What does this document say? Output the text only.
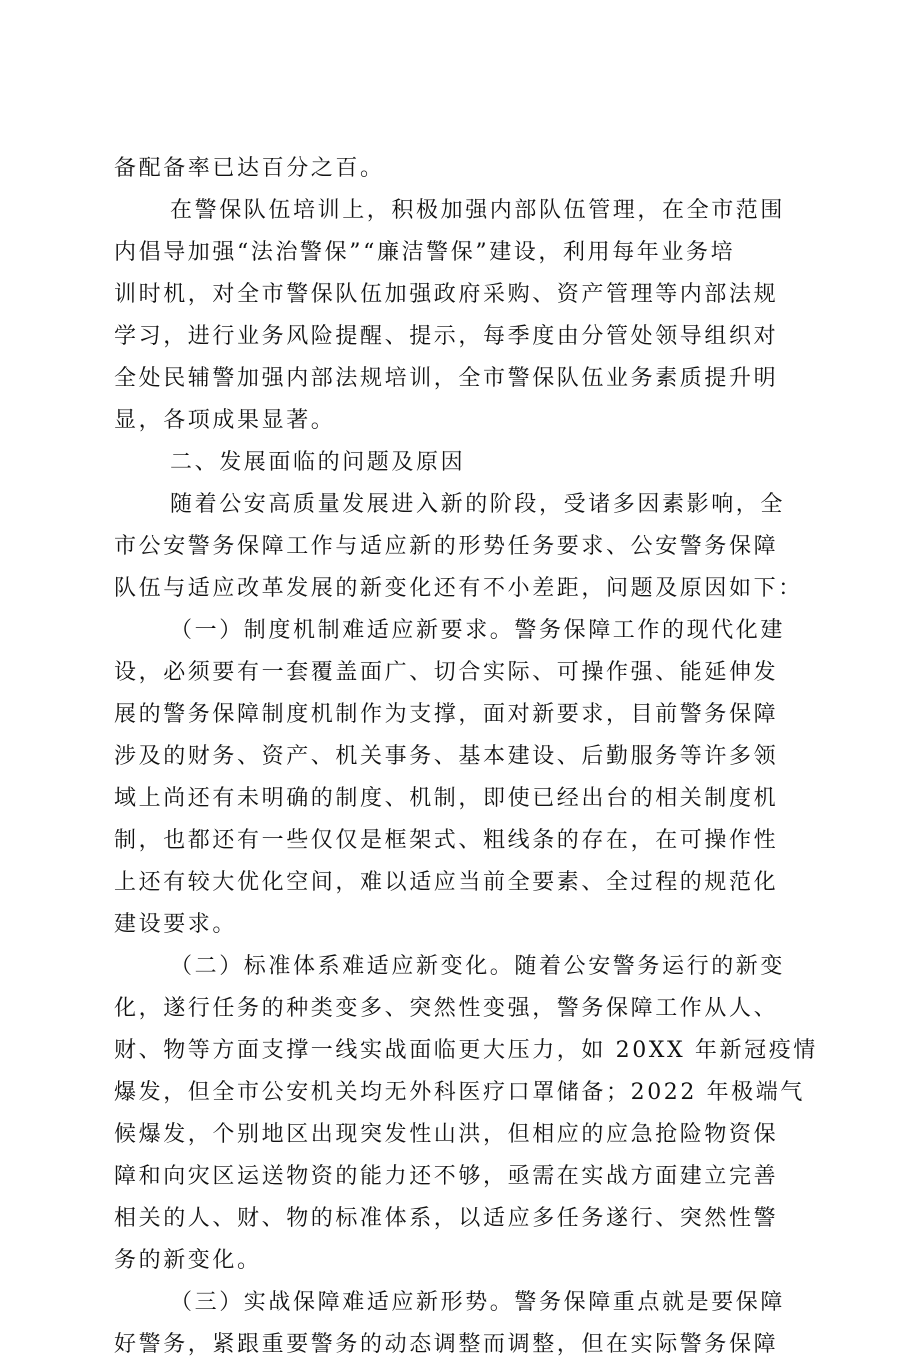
备配备率已达百分之百。
在警保队伍培训上，积极加强内部队伍管理，在全市范围
内倡导加强“法治警保”“廉洁警保”建设，利用每年业务培
训时机，对全市警保队伍加强政府采购、资产管理等内部法规
学习，进行业务风险提醒、提示，每季度由分管处领导组织对
全处民辅警加强内部法规培训，全市警保队伍业务素质提升明
显，各项成果显著。
二、发展面临的问题及原因
随着公安高质量发展进入新的阶段，受诸多因素影响，全
市公安警务保障工作与适应新的形势任务要求、公安警务保障
队伍与适应改革发展的新变化还有不小差距，问题及原因如下：
（一）制度机制难适应新要求。警务保障工作的现代化建
设，必须要有一套覆盖面广、切合实际、可操作强、能延伸发
展的警务保障制度机制作为支撑，面对新要求，目前警务保障
涉及的财务、资产、机关事务、基本建设、后勤服务等许多领
域上尚还有未明确的制度、机制，即使已经出台的相关制度机
制，也都还有一些仅仅是框架式、粗线条的存在，在可操作性
上还有较大优化空间，难以适应当前全要素、全过程的规范化
建设要求。
（二）标准体系难适应新变化。随着公安警务运行的新变
化，遂行任务的种类变多、突然性变强，警务保障工作从人、
财、物等方面支撑一线实战面临更大压力，如 20XX 年新冠疫情
爆发，但全市公安机关均无外科医疗口罩储备；2022 年极端气
候爆发，个别地区出现突发性山洪，但相应的应急抢险物资保
障和向灾区运送物资的能力还不够，亟需在实战方面建立完善
相关的人、财、物的标准体系，以适应多任务遂行、突然性警
务的新变化。
（三）实战保障难适应新形势。警务保障重点就是要保障
好警务，紧跟重要警务的动态调整而调整，但在实际警务保障
